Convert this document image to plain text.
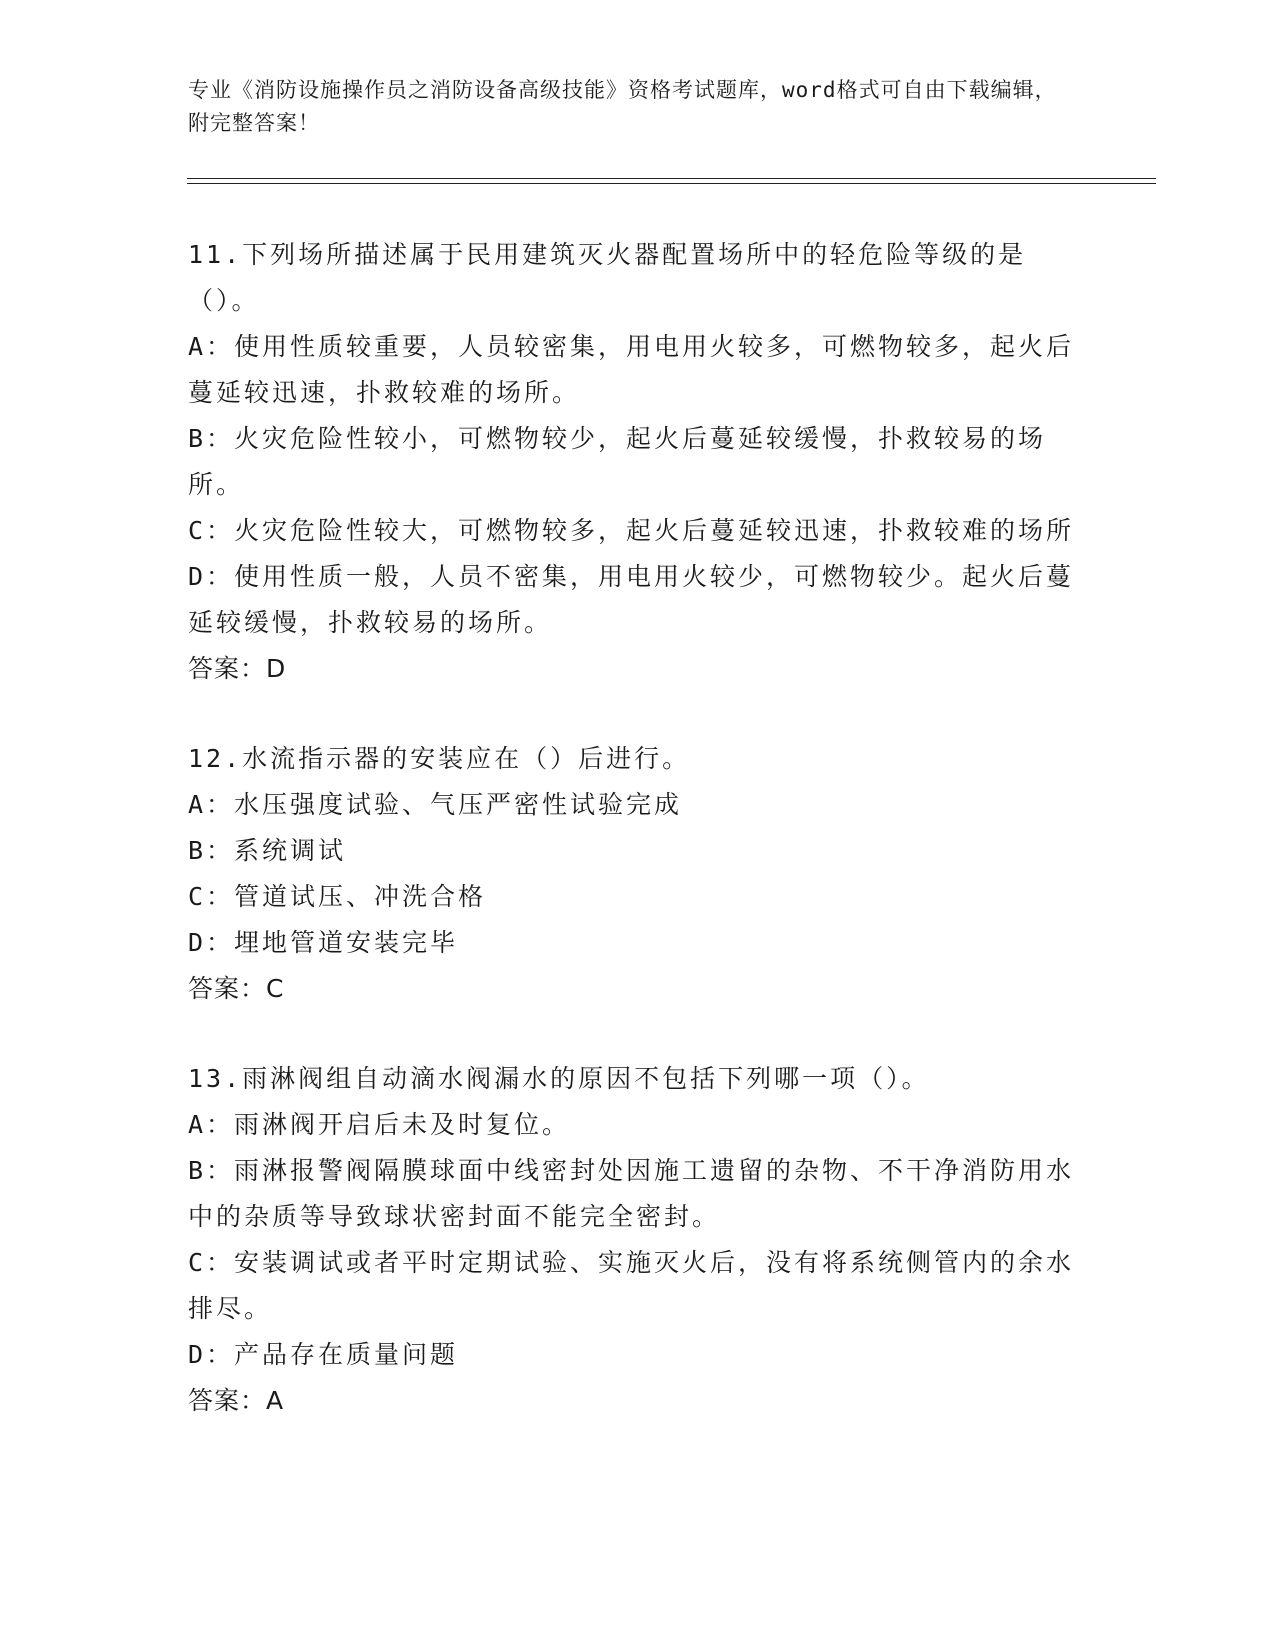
专业《消防设施操作员之消防设备高级技能》资格考试题库，word格式可自由下载编辑，附完整答案！

11.下列场所描述属于民用建筑灭火器配置场所中的轻危险等级的是（）。

A：使用性质较重要，人员较密集，用电用火较多，可燃物较多，起火后蔓延较迅速，扑救较难的场所。

B：火灾危险性较小，可燃物较少，起火后蔓延较缓慢，扑救较易的场所。

C：火灾危险性较大，可燃物较多，起火后蔓延较迅速，扑救较难的场所

D：使用性质一般，人员不密集，用电用火较少，可燃物较少。起火后蔓延较缓慢，扑救较易的场所。

答案：D

12.水流指示器的安装应在（）后进行。

A：水压强度试验、气压严密性试验完成

B：系统调试

C：管道试压、冲洗合格

D：埋地管道安装完毕

答案：C

13.雨淋阀组自动滴水阀漏水的原因不包括下列哪一项（）。

A：雨淋阀开启后未及时复位。

B：雨淋报警阀隔膜球面中线密封处因施工遗留的杂物、不干净消防用水中的杂质等导致球状密封面不能完全密封。

C：安装调试或者平时定期试验、实施灭火后，没有将系统侧管内的余水排尽。

D：产品存在质量问题

答案：A
